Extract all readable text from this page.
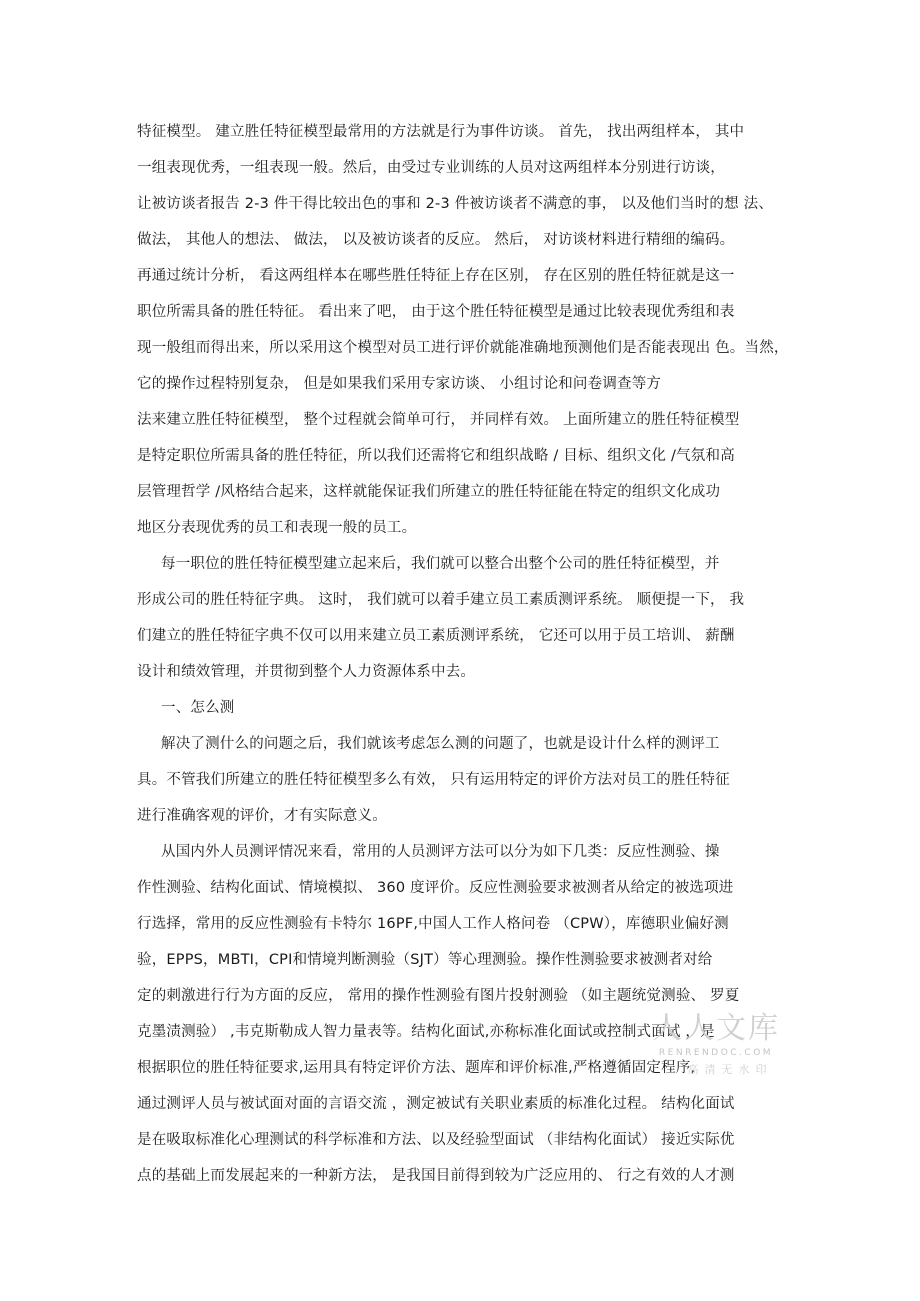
特征模型。 建立胜任特征模型最常用的方法就是行为事件访谈。 首先， 找出两组样本， 其中
一组表现优秀，一组表现一般。然后，由受过专业训练的人员对这两组样本分别进行访谈，
让被访谈者报告 2-3 件干得比较出色的事和 2-3 件被访谈者不满意的事， 以及他们当时的想 法、
做法， 其他人的想法、 做法， 以及被访谈者的反应。 然后， 对访谈材料进行精细的编码。
再通过统计分析， 看这两组样本在哪些胜任特征上存在区别， 存在区别的胜任特征就是这一
职位所需具备的胜任特征。 看出来了吧， 由于这个胜任特征模型是通过比较表现优秀组和表
现一般组而得出来，所以采用这个模型对员工进行评价就能准确地预测他们是否能表现出 色。当然，
它的操作过程特别复杂， 但是如果我们采用专家访谈、 小组讨论和问卷调查等方
法来建立胜任特征模型， 整个过程就会简单可行， 并同样有效。 上面所建立的胜任特征模型
是特定职位所需具备的胜任特征，所以我们还需将它和组织战略 / 目标、组织文化 /气氛和高
层管理哲学 /风格结合起来，这样就能保证我们所建立的胜任特征能在特定的组织文化成功
地区分表现优秀的员工和表现一般的员工。
每一职位的胜任特征模型建立起来后，我们就可以整合出整个公司的胜任特征模型，并
形成公司的胜任特征字典。 这时， 我们就可以着手建立员工素质测评系统。 顺便提一下， 我
们建立的胜任特征字典不仅可以用来建立员工素质测评系统， 它还可以用于员工培训、 薪酬
设计和绩效管理，并贯彻到整个人力资源体系中去。
一、怎么测
解决了测什么的问题之后，我们就该考虑怎么测的问题了，也就是设计什么样的测评工
具。不管我们所建立的胜任特征模型多么有效， 只有运用特定的评价方法对员工的胜任特征
进行准确客观的评价，才有实际意义。
从国内外人员测评情况来看，常用的人员测评方法可以分为如下几类：反应性测验、操
作性测验、结构化面试、情境模拟、 360 度评价。反应性测验要求被测者从给定的被选项进
行选择，常用的反应性测验有卡特尔 16PF,中国人工作人格问卷 （CPW），库德职业偏好测
验，EPPS，MBTI，CPI和情境判断测验（SJT）等心理测验。操作性测验要求被测者对给
定的刺激进行行为方面的反应， 常用的操作性测验有图片投射测验 （如主题统觉测验、 罗夏
克墨渍测验） ,韦克斯勒成人智力量表等。结构化面试,亦称标准化面试或控制式面试 ，是
根据职位的胜任特征要求,运用具有特定评价方法、题库和评价标准,严格遵循固定程序,
通过测评人员与被试面对面的言语交流 ，测定被试有关职业素质的标准化过程。 结构化面试
是在吸取标准化心理测试的科学标准和方法、以及经验型面试 （非结构化面试） 接近实际优
点的基础上而发展起来的一种新方法， 是我国目前得到较为广泛应用的、 行之有效的人才测
人人文库
RENRENDOC.COM
高清无水印
